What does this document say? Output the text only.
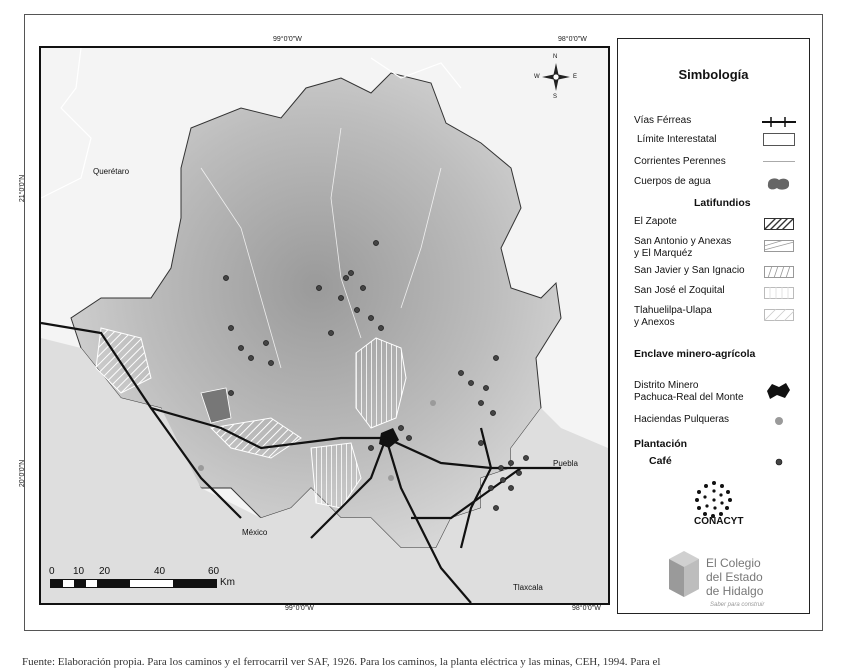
99°0'0"W	98°0'0"W
99°0'0"W	98°0'0"W
21°0'0"N
20°0'0"N
Querétaro
Puebla
México
Tlaxcala
N
S
W	E
0 10 20	40	60
Km
Simbología
Vías Férreas
Límite Interestatal
Corrientes Perennes
Cuerpos de agua
Latifundios
El Zapote
San Antonio y Anexas
y El Marquéz
San Javier y San Ignacio
San José el Zoquital
Tlahuelilpa-Ulapa
y Anexos
Enclave minero-agrícola
Distrito Minero
Pachuca-Real del Monte
Haciendas Pulqueras
Plantación
Café
CONACYT
El Colegio
del Estado
de Hidalgo
Saber para construir
Fuente: Elaboración propia. Para los caminos y el ferrocarril ver SAF, 1926. Para los caminos, la planta eléctrica y las minas, CEH, 1994. Para el
